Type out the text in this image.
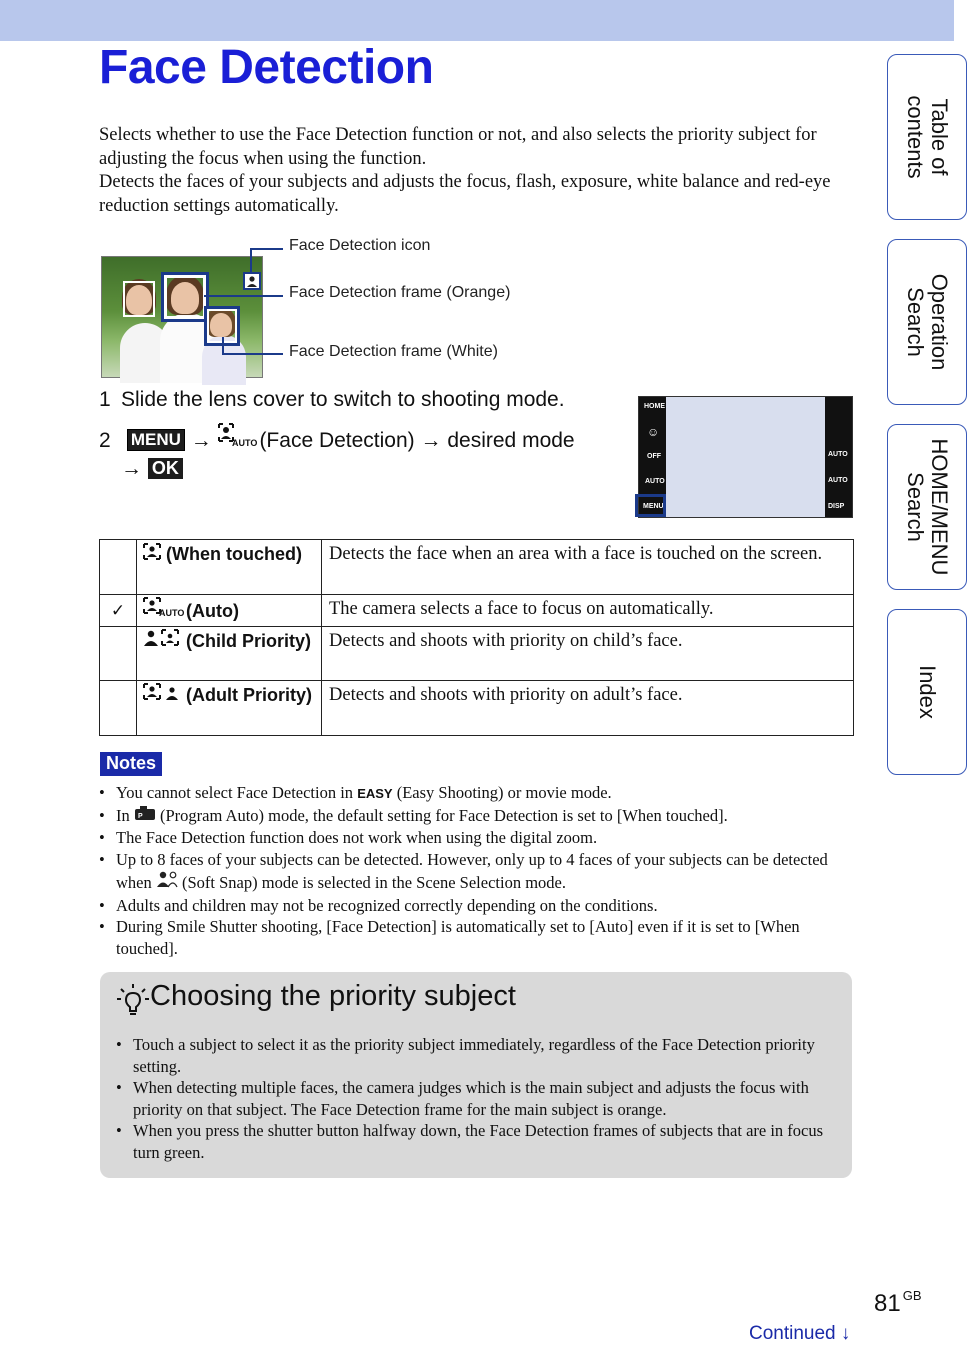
Face Detection

Selects whether to use the Face Detection function or not, and also selects the priority subject for adjusting the focus when using the function.

Detects the faces of your subjects and adjusts the focus, flash, exposure, white balance and red-eye reduction settings automatically.

Face Detection icon
Face Detection frame (Orange)
Face Detection frame (White)
1 Slide the lens cover to switch to shooting mode.
2 MENU → AUTO (Face Detection) → desired mode
→ OK
HOME
☺
OFF
AUTO
MENU
AUTO
AUTO
DISP
	(When touched)	Detects the face when an area with a face is touched on the screen.
✓	AUTO (Auto)	The camera selects a face to focus on automatically.
	(Child Priority)	Detects and shoots with priority on child’s face.
	(Adult Priority)	Detects and shoots with priority on adult’s face.
Notes
• You cannot select Face Detection in EASY (Easy Shooting) or movie mode.
• In P (Program Auto) mode, the default setting for Face Detection is set to [When touched].
• The Face Detection function does not work when using the digital zoom.
• Up to 8 faces of your subjects can be detected. However, only up to 4 faces of your subjects can be detected when (Soft Snap) mode is selected in the Scene Selection mode.
• Adults and children may not be recognized correctly depending on the conditions.
• During Smile Shutter shooting, [Face Detection] is automatically set to [Auto] even if it is set to [When touched].
Choosing the priority subject
• Touch a subject to select it as the priority subject immediately, regardless of the Face Detection priority setting.
• When detecting multiple faces, the camera judges which is the main subject and adjusts the focus with priority on that subject. The Face Detection frame for the main subject is orange.
• When you press the shutter button halfway down, the Face Detection frames of subjects that are in focus turn green.
81 $^{GB}$
Continued ↓
Table of contents
Operation Search
HOME/MENU Search
Index
